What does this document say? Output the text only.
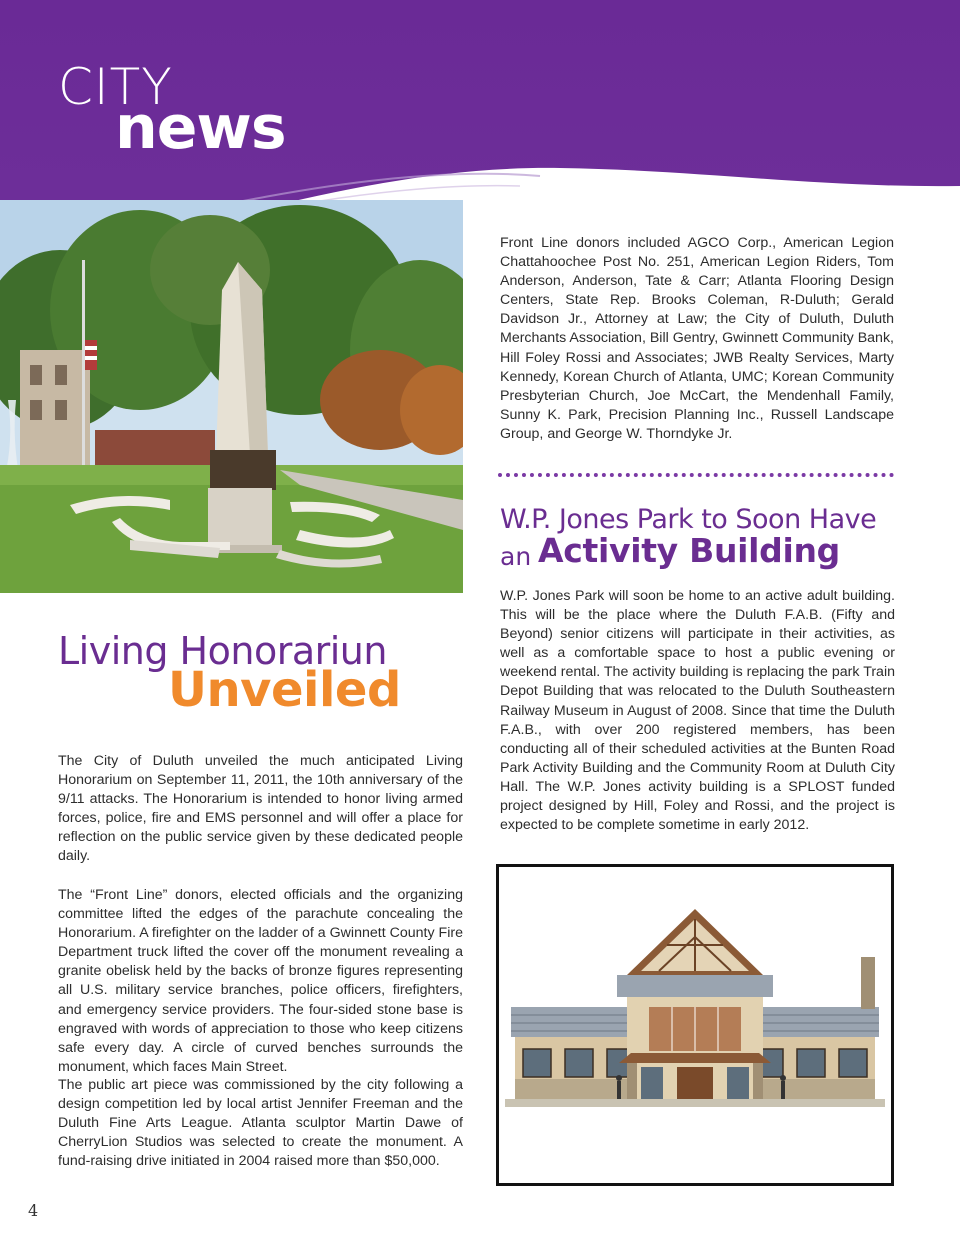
CITY
news
Living Honorariun
Unveiled

The City of Duluth unveiled the much anticipated Living Honorarium on September 11, 2011, the 10th anniversary of the 9/11 attacks. The Honorarium is intended to honor living armed forces, police, fire and EMS personnel and will offer a place for reflection on the public service given by these dedicated people daily.

The “Front Line” donors, elected officials and the organizing committee lifted the edges of the parachute concealing the Honorarium. A firefighter on the ladder of a Gwinnett County Fire Department truck lifted the cover off the monument revealing a granite obelisk held by the backs of bronze figures representing all U.S. military service branches, police officers, firefighters, and emergency service providers. The four-sided stone base is engraved with words of appreciation to those who keep citizens safe every day. A circle of curved benches surrounds the monument, which faces Main Street.

The public art piece was commissioned by the city following a design competition led by local artist Jennifer Freeman and the Duluth Fine Arts League. Atlanta sculptor Martin Dawe of CherryLion Studios was selected to create the monument. A fund-raising drive initiated in 2004 raised more than $50,000.

Front Line donors included AGCO Corp., American Legion Chattahoochee Post No. 251, American Legion Riders, Tom Anderson, Anderson, Tate & Carr; Atlanta Flooring Design Centers, State Rep. Brooks Coleman, R-Duluth; Gerald Davidson Jr., Attorney at Law; the City of Duluth, Duluth Merchants Association, Bill Gentry, Gwinnett Community Bank, Hill Foley Rossi and Associates; JWB Realty Services, Marty Kennedy, Korean Church of Atlanta, UMC; Korean Community Presbyterian Church, Joe McCart, the Mendenhall Family, Sunny K. Park, Precision Planning Inc., Russell Landscape Group, and George W. Thorndyke Jr.

W.P. Jones Park to Soon Have
an Activity Building

W.P. Jones Park will soon be home to an active adult building. This will be the place where the Duluth F.A.B. (Fifty and Beyond) senior citizens will participate in their activities, as well as a comfortable space to host a public evening or weekend rental. The activity building is replacing the park Train Depot Building that was relocated to the Duluth Southeastern Railway Museum in August of 2008. Since that time the Duluth F.A.B., with over 200 registered members, has been conducting all of their scheduled activities at the Bunten Road Park Activity Building and the Community Room at Duluth City Hall. The W.P. Jones activity building is a SPLOST funded project designed by Hill, Foley and Rossi, and the project is expected to be complete sometime in early 2012.

4
